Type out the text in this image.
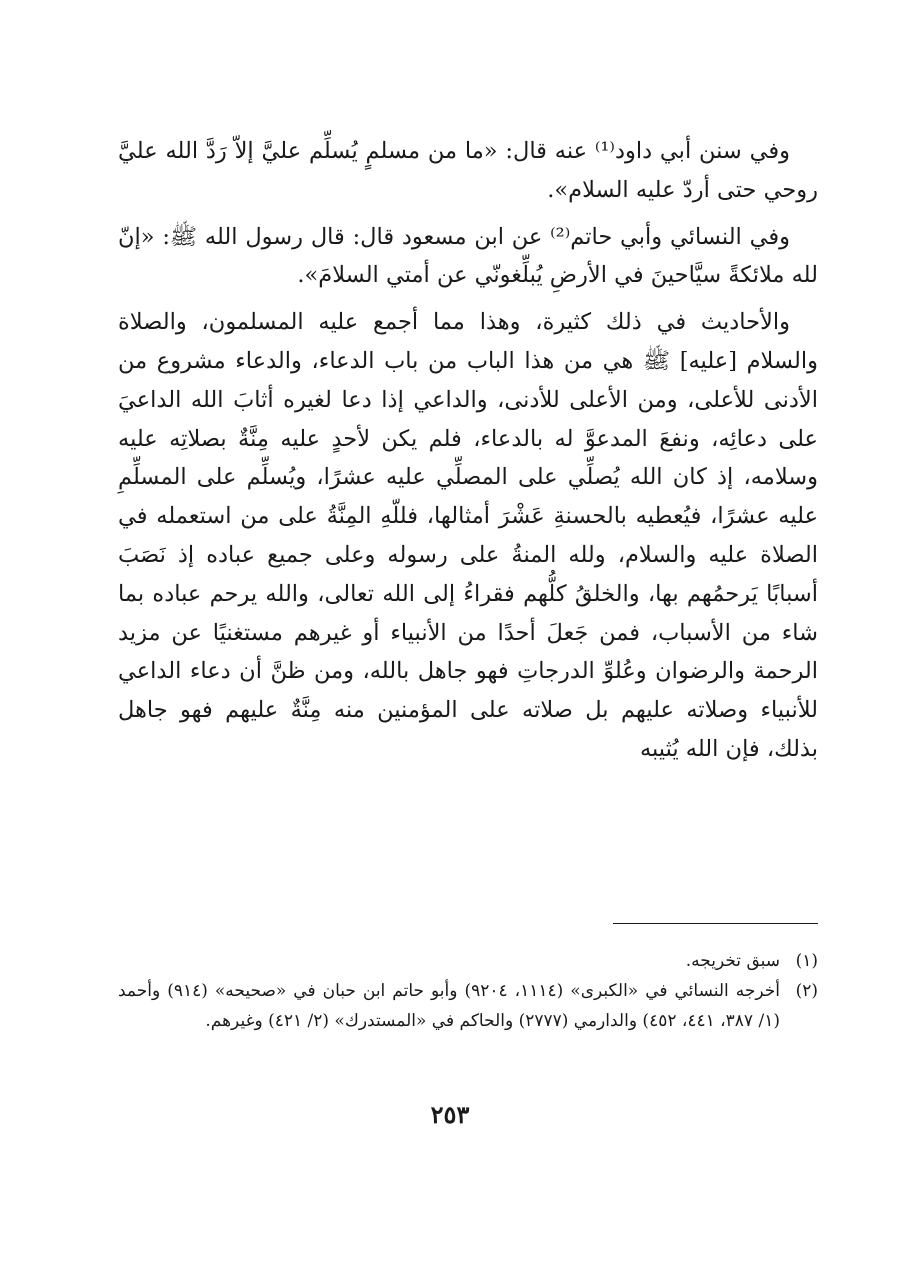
وفي سنن أبي داود⁽¹⁾ عنه قال: «ما من مسلمٍ يُسلِّم عليَّ إلاّ رَدَّ الله عليَّ روحي حتى أردّ عليه السلام».

وفي النسائي وأبي حاتم⁽²⁾ عن ابن مسعود قال: قال رسول الله ﷺ: «إنّ لله ملائكةً سيَّاحينَ في الأرضِ يُبلِّغونّي عن أمتي السلامَ».

والأحاديث في ذلك كثيرة، وهذا مما أجمع عليه المسلمون، والصلاة والسلام [عليه] ﷺ هي من هذا الباب من باب الدعاء، والدعاء مشروع من الأدنى للأعلى، ومن الأعلى للأدنى، والداعي إذا دعا لغيره أثابَ الله الداعيَ على دعائِه، ونفعَ المدعوَّ له بالدعاء، فلم يكن لأحدٍ عليه مِنَّةٌ بصلاتِه عليه وسلامه، إذ كان الله يُصلِّي على المصلِّي عليه عشرًا، ويُسلِّم على المسلِّمِ عليه عشرًا، فيُعطيه بالحسنةِ عَشْرَ أمثالها، فللّهِ المِنَّةُ على من استعمله في الصلاة عليه والسلام، ولله المنةُ على رسوله وعلى جميع عباده إذ نَصَبَ أسبابًا يَرحمُهم بها، والخلقُ كلُّهم فقراءُ إلى الله تعالى، والله يرحم عباده بما شاء من الأسباب، فمن جَعلَ أحدًا من الأنبياء أو غيرهم مستغنيًا عن مزيد الرحمة والرضوان وعُلوِّ الدرجاتِ فهو جاهل بالله، ومن ظنَّ أن دعاء الداعي للأنبياء وصلاته عليهم بل صلاته على المؤمنين منه مِنَّةٌ عليهم فهو جاهل بذلك، فإن الله يُثيبه

(١)
سبق تخريجه.
(٢)
أخرجه النسائي في «الكبرى» (١١١٤، ٩٢٠٤) وأبو حاتم ابن حبان في «صحيحه» (٩١٤) وأحمد (١/ ٣٨٧، ٤٤١، ٤٥٢) والدارمي (٢٧٧٧) والحاكم في «المستدرك» (٢/ ٤٢١) وغيرهم.
٢٥٣
